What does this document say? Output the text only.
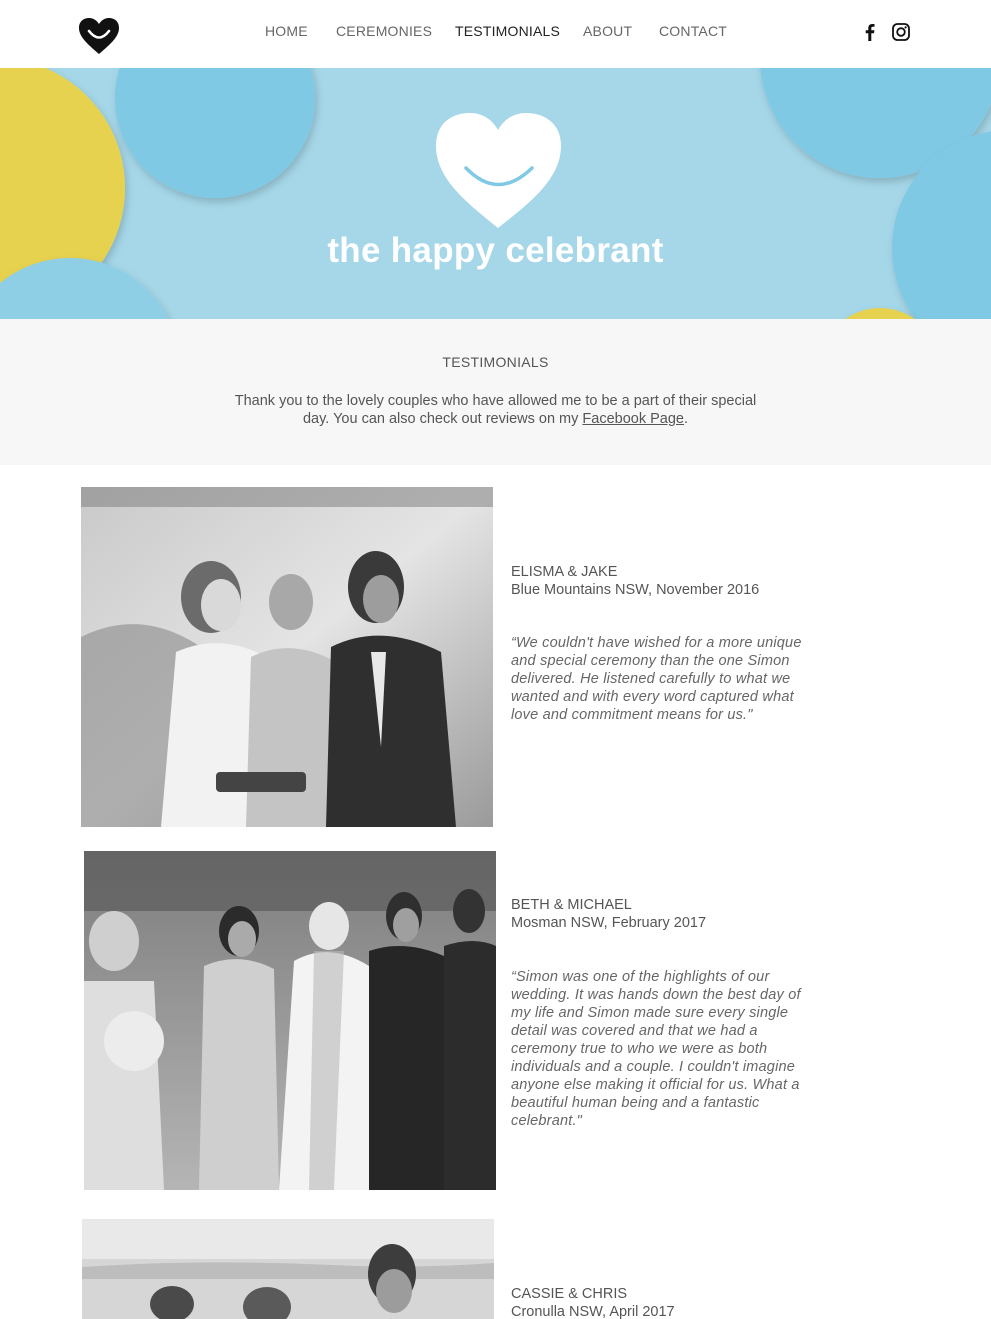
HOME CEREMONIES TESTIMONIALS ABOUT CONTACT
the happy celebrant
TESTIMONIALS
Thank you to the lovely couples who have allowed me to be a part of their special day. You can also check out reviews on my Facebook Page.
ELISMA & JAKE
Blue Mountains NSW, November 2016
“We couldn't have wished for a more unique and special ceremony than the one Simon delivered. He listened carefully to what we wanted and with every word captured what love and commitment means for us."
BETH & MICHAEL
Mosman NSW, February 2017
“Simon was one of the highlights of our wedding. It was hands down the best day of my life and Simon made sure every single detail was covered and that we had a ceremony true to who we were as both individuals and a couple. I couldn't imagine anyone else making it official for us. What a beautiful human being and a fantastic celebrant."
CASSIE & CHRIS
Cronulla NSW, April 2017
